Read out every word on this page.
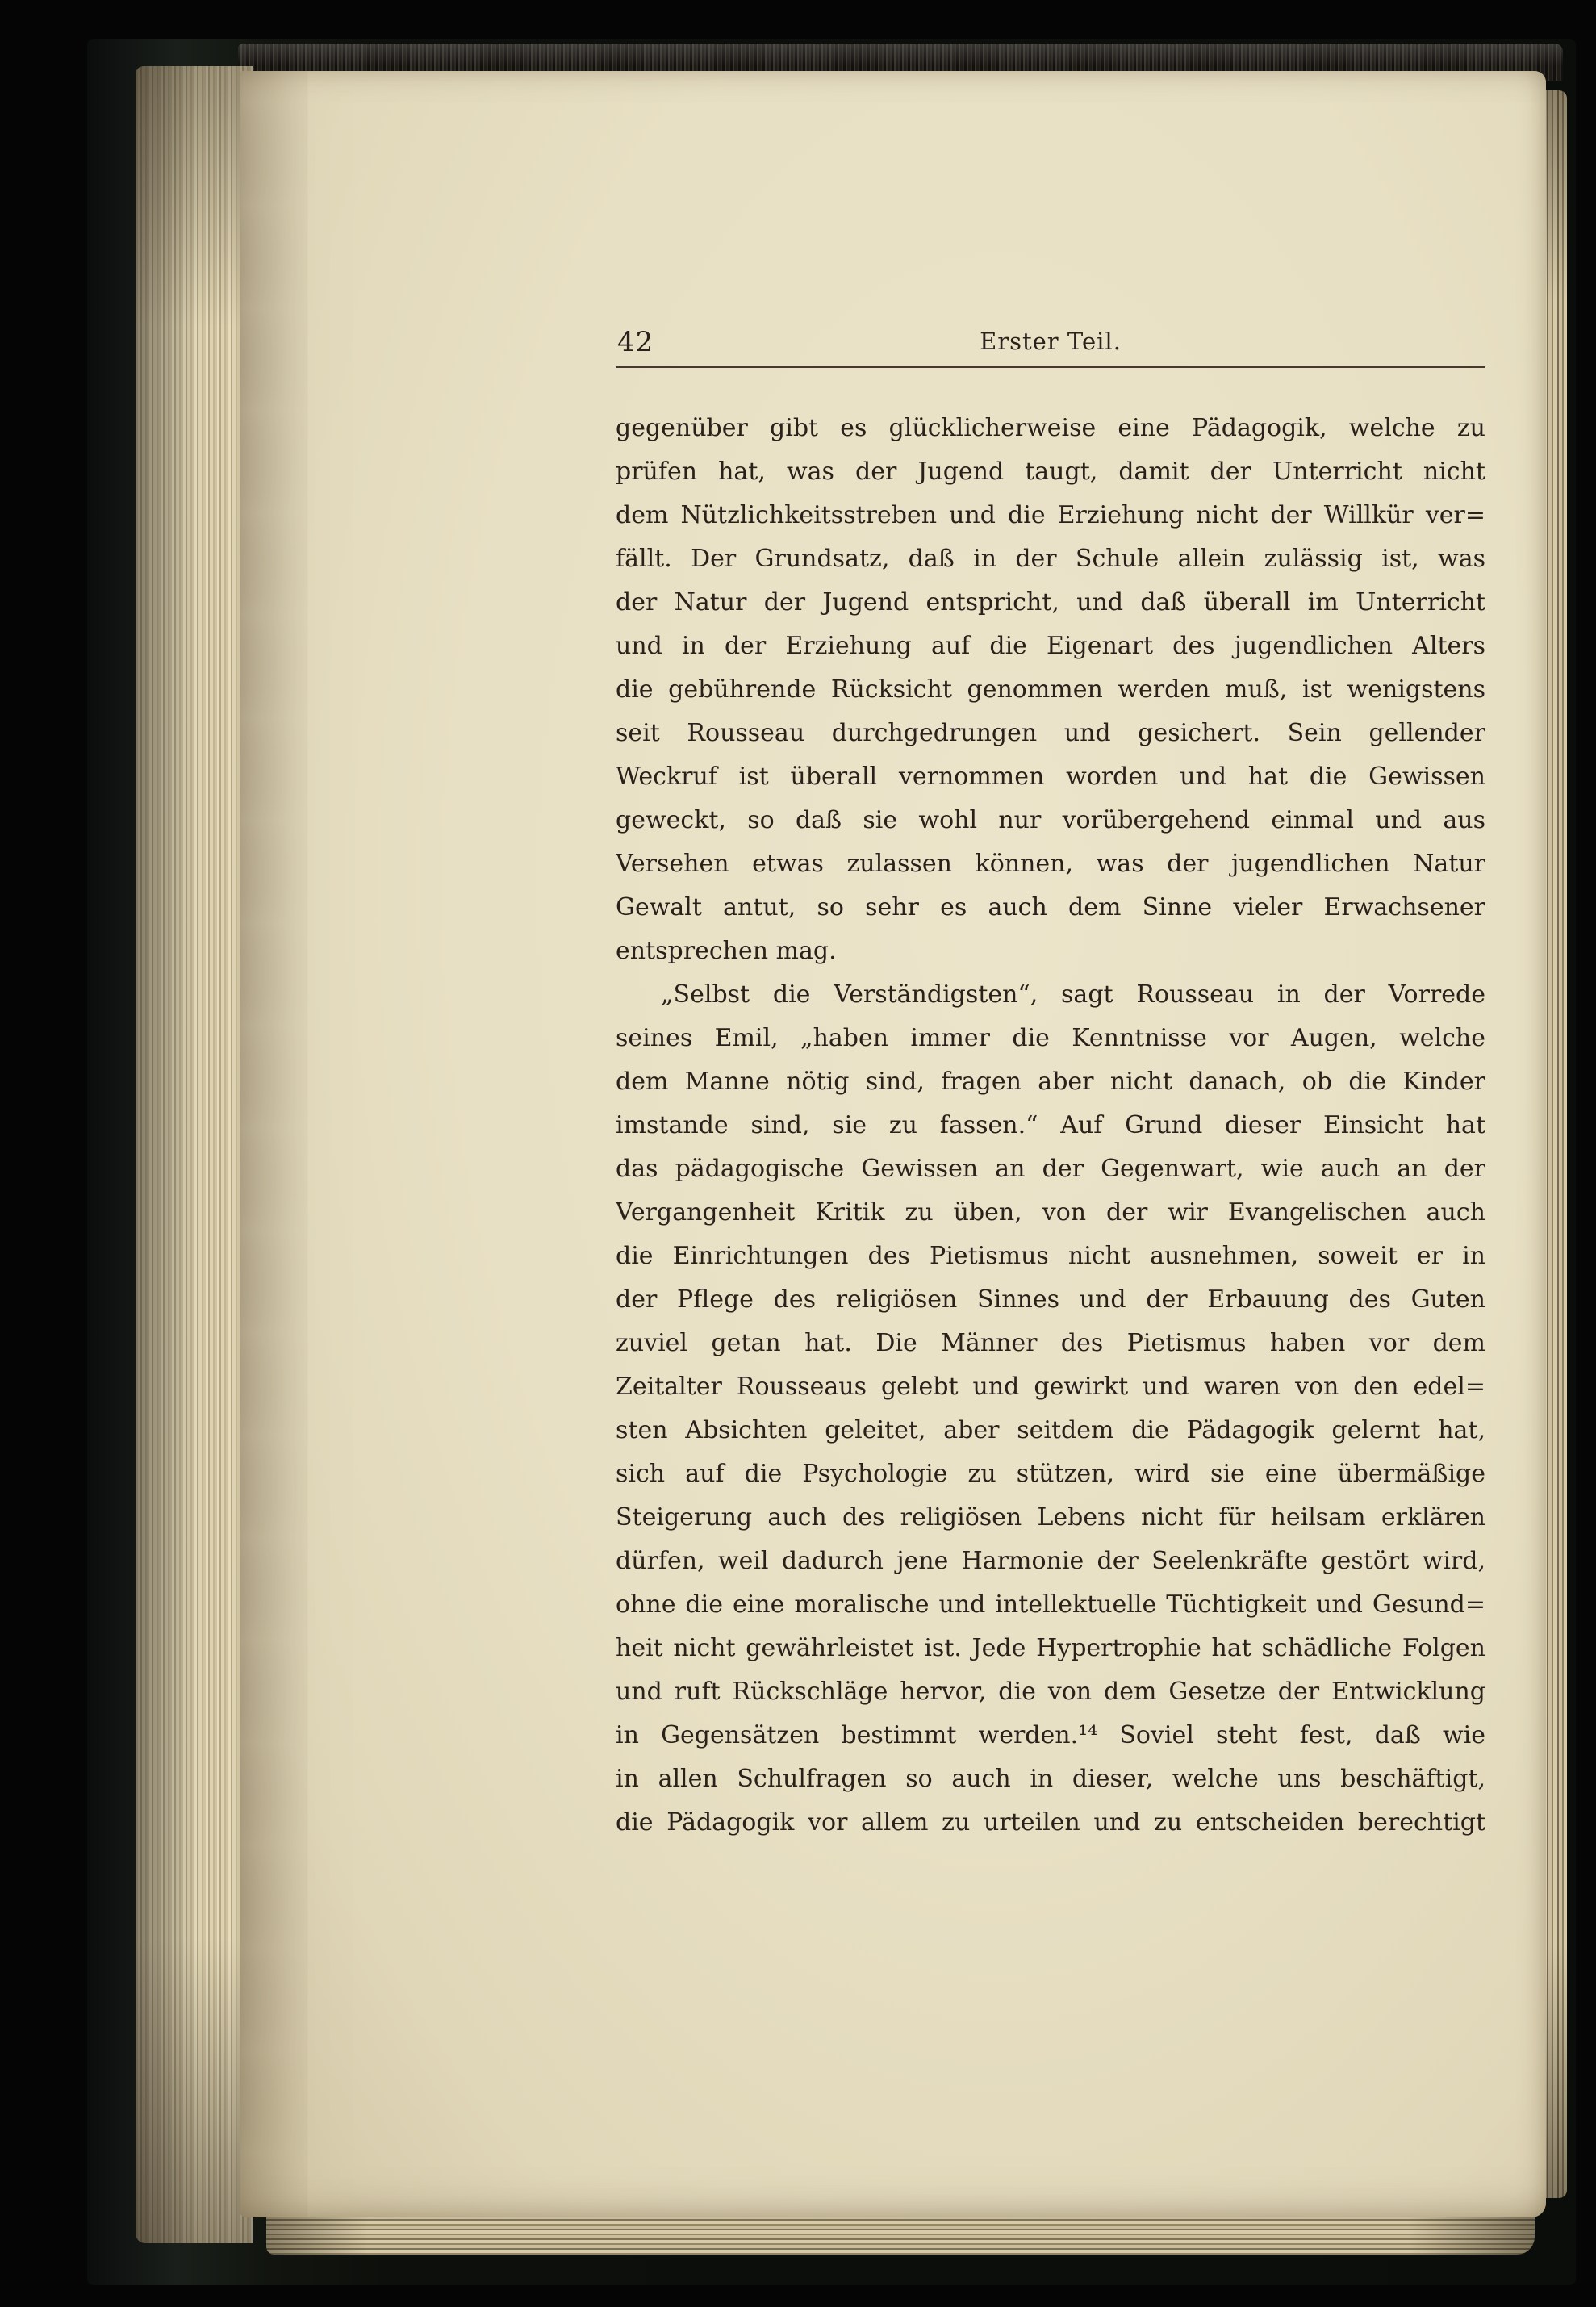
42	Erster Teil.
gegenüber gibt es glücklicherweise eine Pädagogik, welche zu
prüfen hat, was der Jugend taugt, damit der Unterricht nicht
dem Nützlichkeitsstreben und die Erziehung nicht der Willkür ver=
fällt. Der Grundsatz, daß in der Schule allein zulässig ist, was
der Natur der Jugend entspricht, und daß überall im Unterricht
und in der Erziehung auf die Eigenart des jugendlichen Alters
die gebührende Rücksicht genommen werden muß, ist wenigstens
seit Rousseau durchgedrungen und gesichert. Sein gellender
Weckruf ist überall vernommen worden und hat die Gewissen
geweckt, so daß sie wohl nur vorübergehend einmal und aus
Versehen etwas zulassen können, was der jugendlichen Natur
Gewalt antut, so sehr es auch dem Sinne vieler Erwachsener
entsprechen mag.
„Selbst die Verständigsten“, sagt Rousseau in der Vorrede
seines Emil, „haben immer die Kenntnisse vor Augen, welche
dem Manne nötig sind, fragen aber nicht danach, ob die Kinder
imstande sind, sie zu fassen.“ Auf Grund dieser Einsicht hat
das pädagogische Gewissen an der Gegenwart, wie auch an der
Vergangenheit Kritik zu üben, von der wir Evangelischen auch
die Einrichtungen des Pietismus nicht ausnehmen, soweit er in
der Pflege des religiösen Sinnes und der Erbauung des Guten
zuviel getan hat. Die Männer des Pietismus haben vor dem
Zeitalter Rousseaus gelebt und gewirkt und waren von den edel=
sten Absichten geleitet, aber seitdem die Pädagogik gelernt hat,
sich auf die Psychologie zu stützen, wird sie eine übermäßige
Steigerung auch des religiösen Lebens nicht für heilsam erklären
dürfen, weil dadurch jene Harmonie der Seelenkräfte gestört wird,
ohne die eine moralische und intellektuelle Tüchtigkeit und Gesund=
heit nicht gewährleistet ist. Jede Hypertrophie hat schädliche Folgen
und ruft Rückschläge hervor, die von dem Gesetze der Entwicklung
in Gegensätzen bestimmt werden.¹⁴ Soviel steht fest, daß wie
in allen Schulfragen so auch in dieser, welche uns beschäftigt,
die Pädagogik vor allem zu urteilen und zu entscheiden berechtigt
